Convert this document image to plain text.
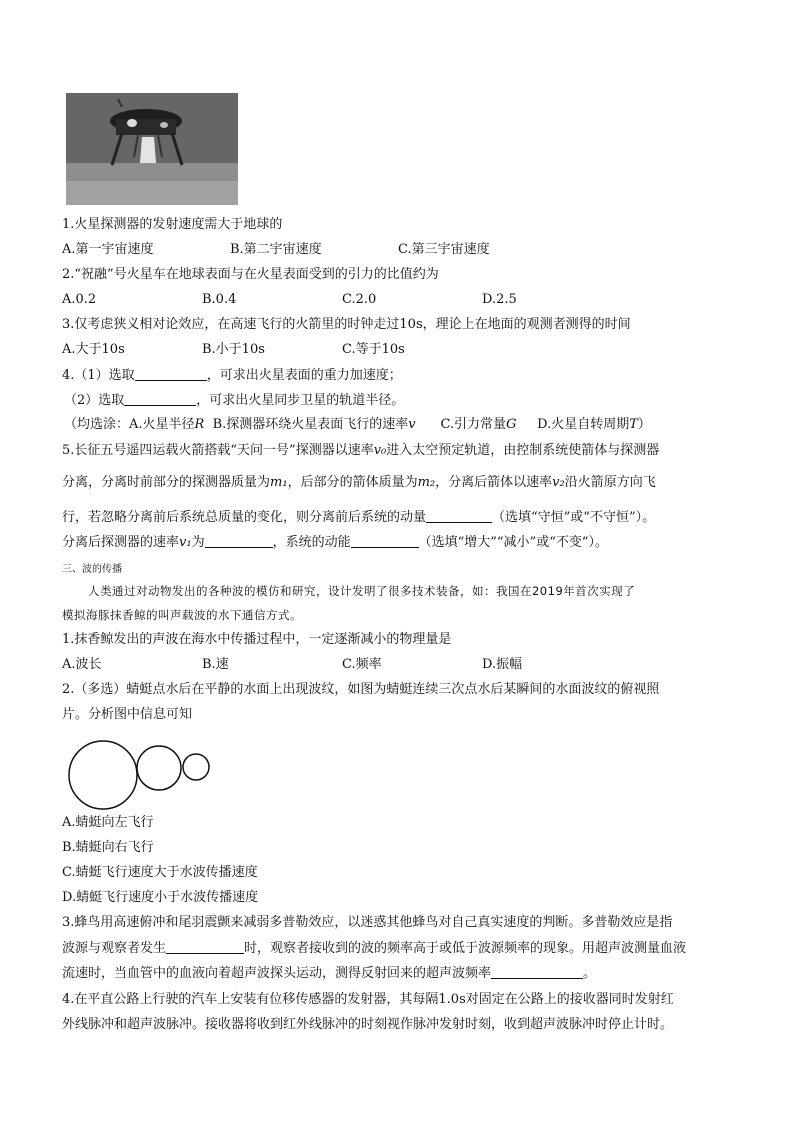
1.火星探测器的发射速度需大于地球的
A.第一宇宙速度	B.第二宇宙速度	C.第三宇宙速度
2.“祝融”号火星车在地球表面与在火星表面受到的引力的比值约为
A.0.2	B.0.4	C.2.0	D.2.5
3.仅考虑狭义相对论效应，在高速飞行的火箭里的时钟走过10s，理论上在地面的观测者测得的时间
A.大于10s	B.小于10s	C.等于10s
4.（1）选取	，可求出火星表面的重力加速度；
（2）选取	，可求出火星同步卫星的轨道半径。
（均选涂：A.火星半径R B.探测器环绕火星表面飞行的速率v C.引力常量G D.火星自转周期T）
5.长征五号遥四运载火箭搭载“天问一号”探测器以速率v₀进入太空预定轨道，由控制系统使箭体与探测器
分离，分离时前部分的探测器质量为m₁，后部分的箭体质量为m₂，分离后箭体以速率v₂沿火箭原方向飞
行，若忽略分离前后系统总质量的变化，则分离前后系统的动量	（选填“守恒”或“不守恒”）。
分离后探测器的速率v₁为	，系统的动能	（选填“增大”“减小”或“不变”）。
三、波的传播
人类通过对动物发出的各种波的模仿和研究，设计发明了很多技术装备，如：我国在2019年首次实现了
模拟海豚抹香鲸的叫声载波的水下通信方式。
1.抹香鲸发出的声波在海水中传播过程中，一定逐渐减小的物理量是
A.波长	B.速	C.频率	D.振幅
2.（多选）蜻蜓点水后在平静的水面上出现波纹，如图为蜻蜓连续三次点水后某瞬间的水面波纹的俯视照
片。分析图中信息可知
A.蜻蜓向左飞行
B.蜻蜓向右飞行
C.蜻蜓飞行速度大于水波传播速度
D.蜻蜓飞行速度小于水波传播速度
3.蜂鸟用高速俯冲和尾羽震颤来减弱多普勒效应，以迷惑其他蜂鸟对自己真实速度的判断。多普勒效应是指
波源与观察者发生	时，观察者接收到的波的频率高于或低于波源频率的现象。用超声波测量血液
流速时，当血管中的血液向着超声波探头运动，测得反射回来的超声波频率	。
4.在平直公路上行驶的汽车上安装有位移传感器的发射器，其每隔1.0s对固定在公路上的接收器同时发射红
外线脉冲和超声波脉冲。接收器将收到红外线脉冲的时刻视作脉冲发射时刻，收到超声波脉冲时停止计时。
